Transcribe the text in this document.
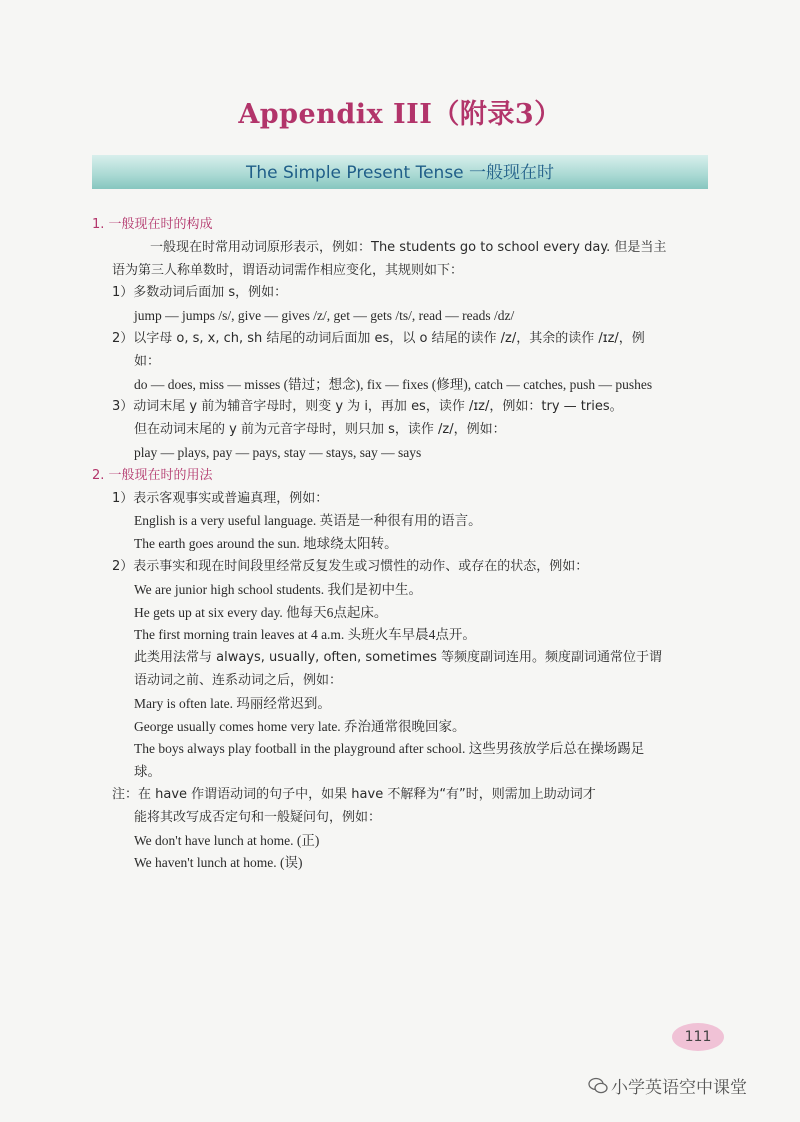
Appendix III（附录3）
The Simple Present Tense 一般现在时
1. 一般现在时的构成
一般现在时常用动词原形表示，例如：The students go to school every day. 但是当主
语为第三人称单数时，谓语动词需作相应变化，其规则如下：
1）多数动词后面加 s，例如：
jump — jumps /s/, give — gives /z/, get — gets /ts/, read — reads /dz/
2）以字母 o, s, x, ch, sh 结尾的动词后面加 es，以 o 结尾的读作 /z/，其余的读作 /ɪz/，例
如：
do — does, miss — misses (错过；想念), fix — fixes (修理), catch — catches, push — pushes
3）动词末尾 y 前为辅音字母时，则变 y 为 i，再加 es，读作 /ɪz/，例如：try — tries。
但在动词末尾的 y 前为元音字母时，则只加 s，读作 /z/，例如：
play — plays, pay — pays, stay — stays, say — says
2. 一般现在时的用法
1）表示客观事实或普遍真理，例如：
English is a very useful language. 英语是一种很有用的语言。
The earth goes around the sun. 地球绕太阳转。
2）表示事实和现在时间段里经常反复发生或习惯性的动作、或存在的状态，例如：
We are junior high school students. 我们是初中生。
He gets up at six every day. 他每天6点起床。
The first morning train leaves at 4 a.m. 头班火车早晨4点开。
此类用法常与 always, usually, often, sometimes 等频度副词连用。频度副词通常位于谓
语动词之前、连系动词之后，例如：
Mary is often late. 玛丽经常迟到。
George usually comes home very late. 乔治通常很晚回家。
The boys always play football in the playground after school. 这些男孩放学后总在操场踢足
球。
注：在 have 作谓语动词的句子中，如果 have 不解释为“有”时，则需加上助动词才
能将其改写成否定句和一般疑问句，例如：
We don't have lunch at home. (正)
We haven't lunch at home. (误)
111
小学英语空中课堂
